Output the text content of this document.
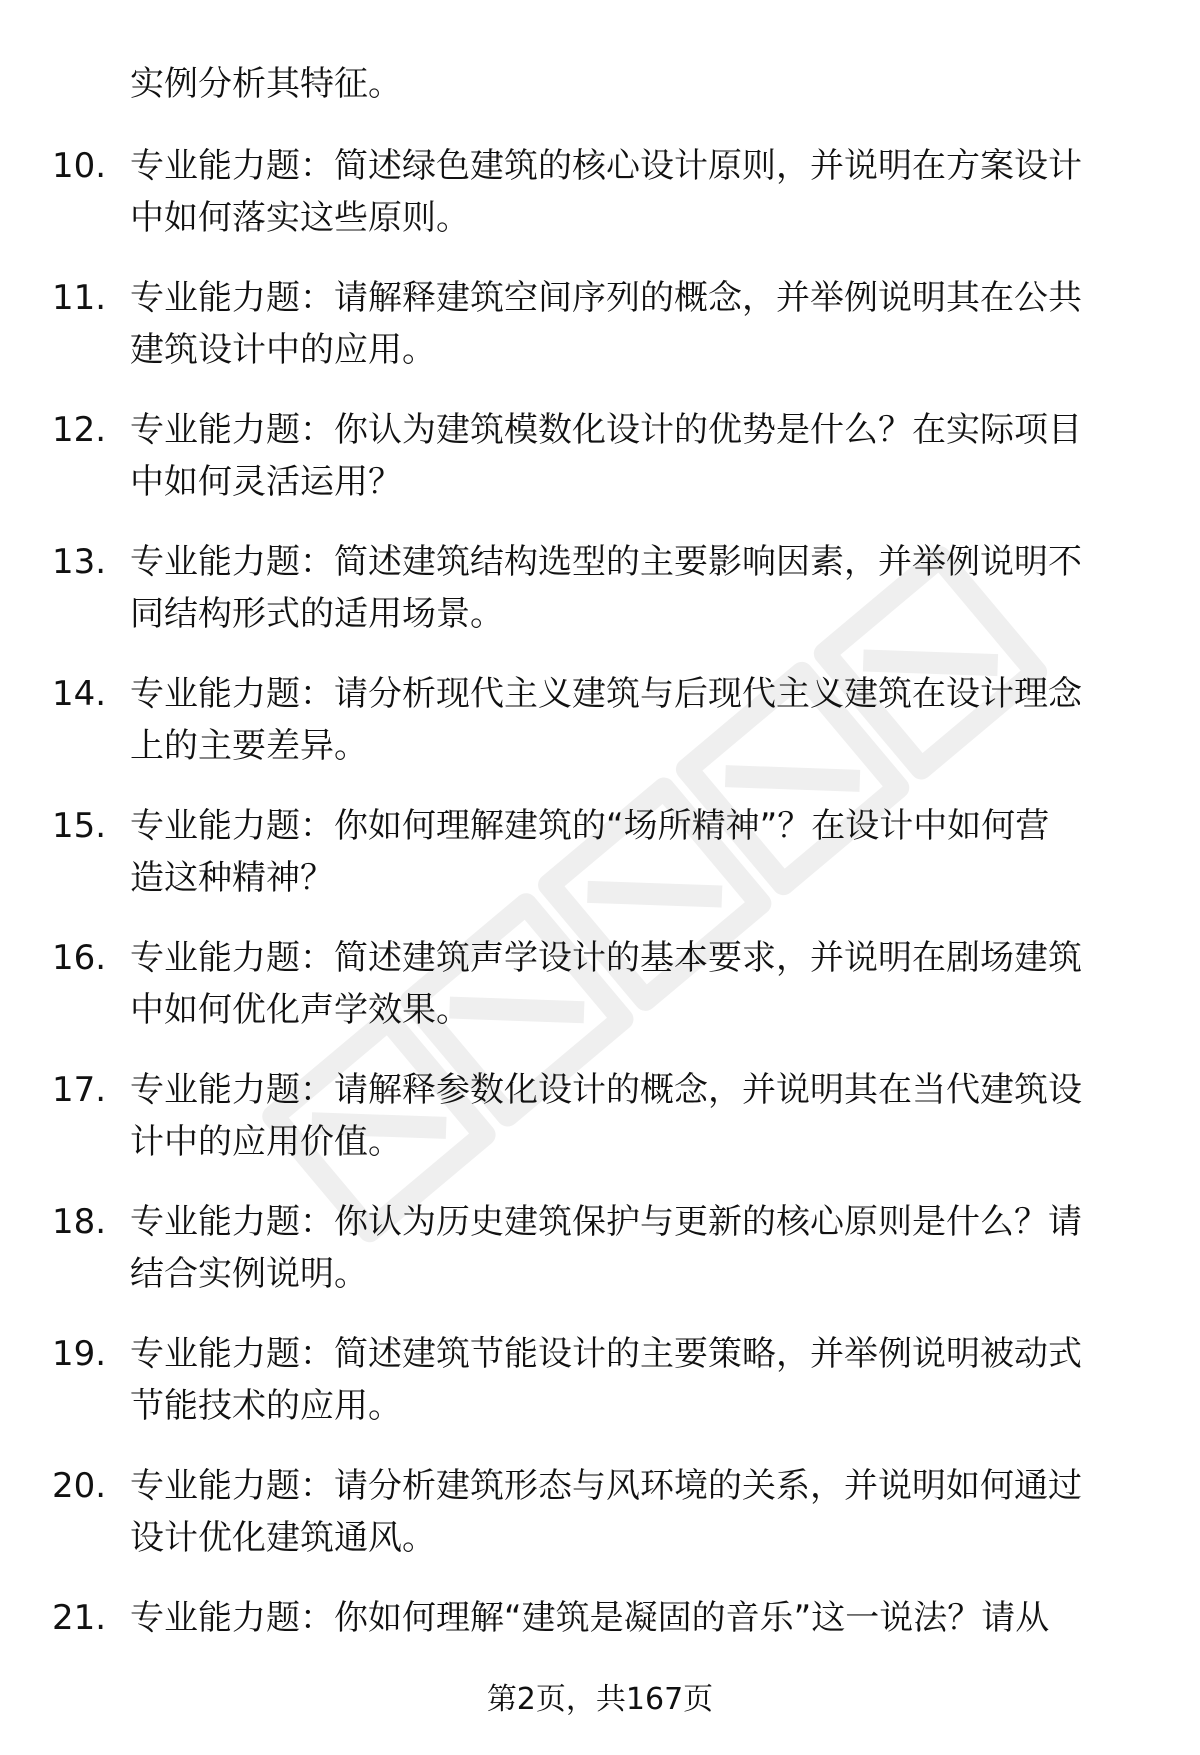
实例分析其特征。
10. 专业能力题：简述绿色建筑的核心设计原则，并说明在方案设计
中如何落实这些原则。

11. 专业能力题：请解释建筑空间序列的概念，并举例说明其在公共
建筑设计中的应用。

12. 专业能力题：你认为建筑模数化设计的优势是什么？在实际项目
中如何灵活运用？

13. 专业能力题：简述建筑结构选型的主要影响因素，并举例说明不
同结构形式的适用场景。

14. 专业能力题：请分析现代主义建筑与后现代主义建筑在设计理念
上的主要差异。

15. 专业能力题：你如何理解建筑的“场所精神”？在设计中如何营
造这种精神？

16. 专业能力题：简述建筑声学设计的基本要求，并说明在剧场建筑
中如何优化声学效果。

17. 专业能力题：请解释参数化设计的概念，并说明其在当代建筑设
计中的应用价值。

18. 专业能力题：你认为历史建筑保护与更新的核心原则是什么？请
结合实例说明。

19. 专业能力题：简述建筑节能设计的主要策略，并举例说明被动式
节能技术的应用。

20. 专业能力题：请分析建筑形态与风环境的关系，并说明如何通过
设计优化建筑通风。

21. 专业能力题：你如何理解“建筑是凝固的音乐”这一说法？请从

第2页，共167页
